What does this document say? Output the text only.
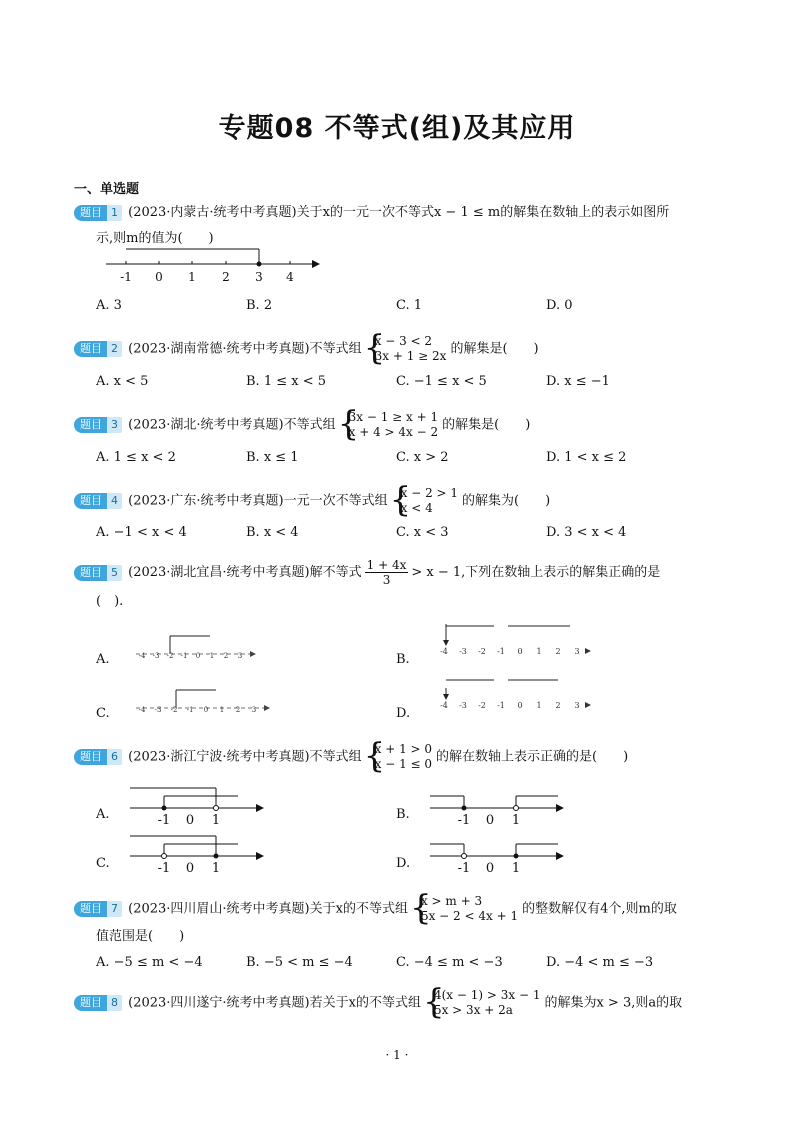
专题08 不等式(组)及其应用
一、单选题
题目 1 (2023·内蒙古·统考中考真题)关于x的一元一次不等式x − 1 ≤ m的解集在数轴上的表示如图所
示,则m的值为(　　)
-1 0 1 2 3 4
A. 3	B. 2	C. 1	D. 0
题目 2 (2023·湖南常德·统考中考真题)不等式组
{ x − 3 < 2
3x + 1 ≥ 2x 的解集是(　　)
A. x < 5	B. 1 ≤ x < 5	C. −1 ≤ x < 5	D. x ≤ −1
题目 3 (2023·湖北·统考中考真题)不等式组
{ 3x − 1 ≥ x + 1
x + 4 > 4x − 2 的解集是(　　)
A. 1 ≤ x < 2	B. x ≤ 1	C. x > 2	D. 1 < x ≤ 2
题目 4 (2023·广东·统考中考真题)一元一次不等式组
{ x − 2 > 1
x < 4	的解集为(　　)
A. −1 < x < 4	B. x < 4	C. x < 3	D. 3 < x < 4
题目 5 (2023·湖北宜昌·统考中考真题)解不等式 $\frac{1 + 4x}{3} > x - 1$,下列在数轴上表示的解集正确的是
(　).
A.	B.
C.	D.
-4 -3 -2 -1 0 1 2 3	-4 -3 -2 -1 0 1 2 3
-4 -3 -2 -1 0 1 2 3	-4 -3 -2 -1 0 1 2 3
题目 6 (2023·浙江宁波·统考中考真题)不等式组
{ x + 1 > 0
x − 1 ≤ 0 的解在数轴上表示正确的是(　　)
A.	B.
C.	D.
-1 0 1	-1 0 1
-1 0 1	-1 0 1
题目 7 (2023·四川眉山·统考中考真题)关于x的不等式组
{ x > m + 3
5x − 2 < 4x + 1 的整数解仅有4个,则m的取
值范围是(　　)
A. −5 ≤ m < −4	B. −5 < m ≤ −4	C. −4 ≤ m < −3	D. −4 < m ≤ −3
题目 8 (2023·四川遂宁·统考中考真题)若关于x的不等式组
{ 4(x − 1) > 3x − 1
5x > 3x + 2a	的解集为x > 3,则a的取
· 1 ·
